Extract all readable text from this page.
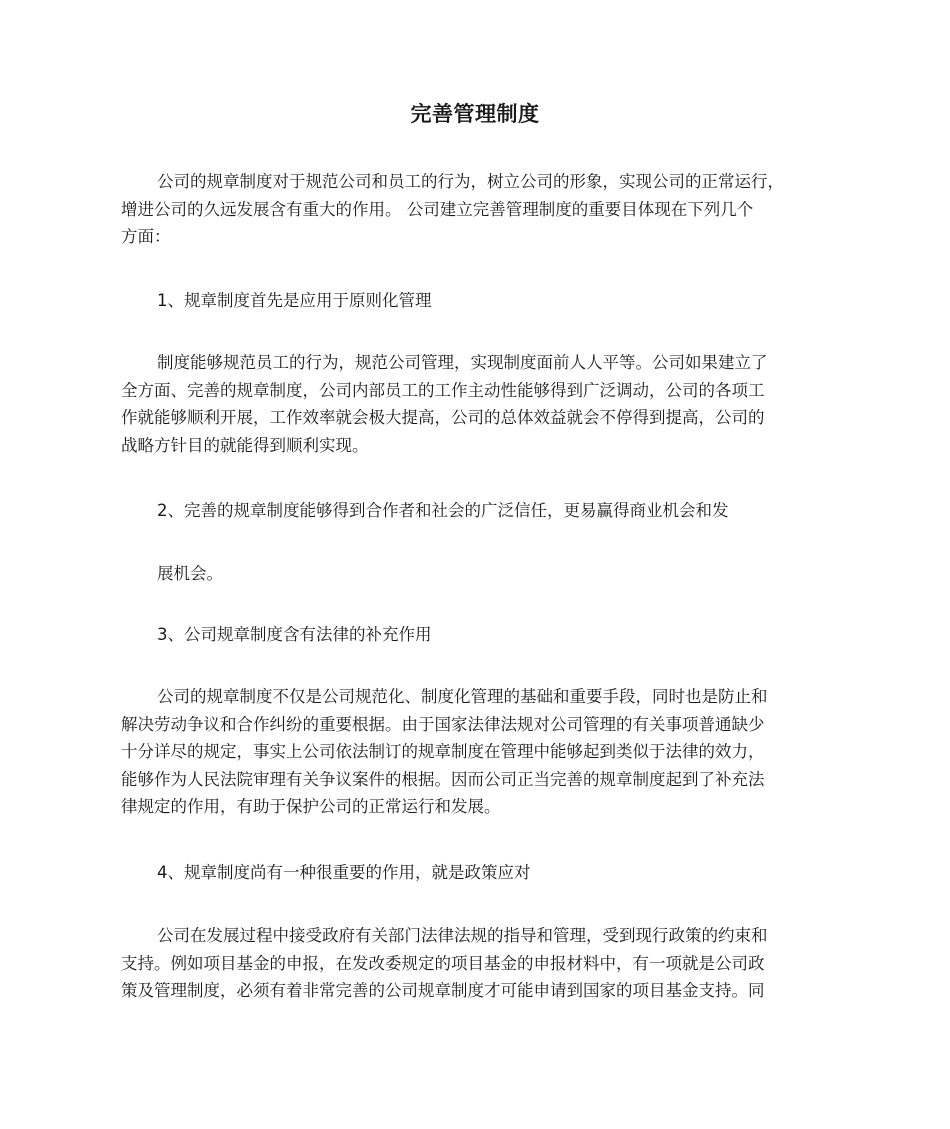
完善管理制度
公司的规章制度对于规范公司和员工的行为，树立公司的形象，实现公司的正常运行，
增进公司的久远发展含有重大的作用。 公司建立完善管理制度的重要目体现在下列几个
方面：
1、规章制度首先是应用于原则化管理
制度能够规范员工的行为，规范公司管理，实现制度面前人人平等。公司如果建立了
全方面、完善的规章制度，公司内部员工的工作主动性能够得到广泛调动，公司的各项工
作就能够顺利开展，工作效率就会极大提高，公司的总体效益就会不停得到提高，公司的
战略方针目的就能得到顺利实现。
2、完善的规章制度能够得到合作者和社会的广泛信任，更易赢得商业机会和发
展机会。
3、公司规章制度含有法律的补充作用
公司的规章制度不仅是公司规范化、制度化管理的基础和重要手段，同时也是防止和
解决劳动争议和合作纠纷的重要根据。由于国家法律法规对公司管理的有关事项普通缺少
十分详尽的规定，事实上公司依法制订的规章制度在管理中能够起到类似于法律的效力，
能够作为人民法院审理有关争议案件的根据。因而公司正当完善的规章制度起到了补充法
律规定的作用，有助于保护公司的正常运行和发展。
4、规章制度尚有一种很重要的作用，就是政策应对
公司在发展过程中接受政府有关部门法律法规的指导和管理，受到现行政策的约束和
支持。例如项目基金的申报，在发改委规定的项目基金的申报材料中，有一项就是公司政
策及管理制度，必须有着非常完善的公司规章制度才可能申请到国家的项目基金支持。同
